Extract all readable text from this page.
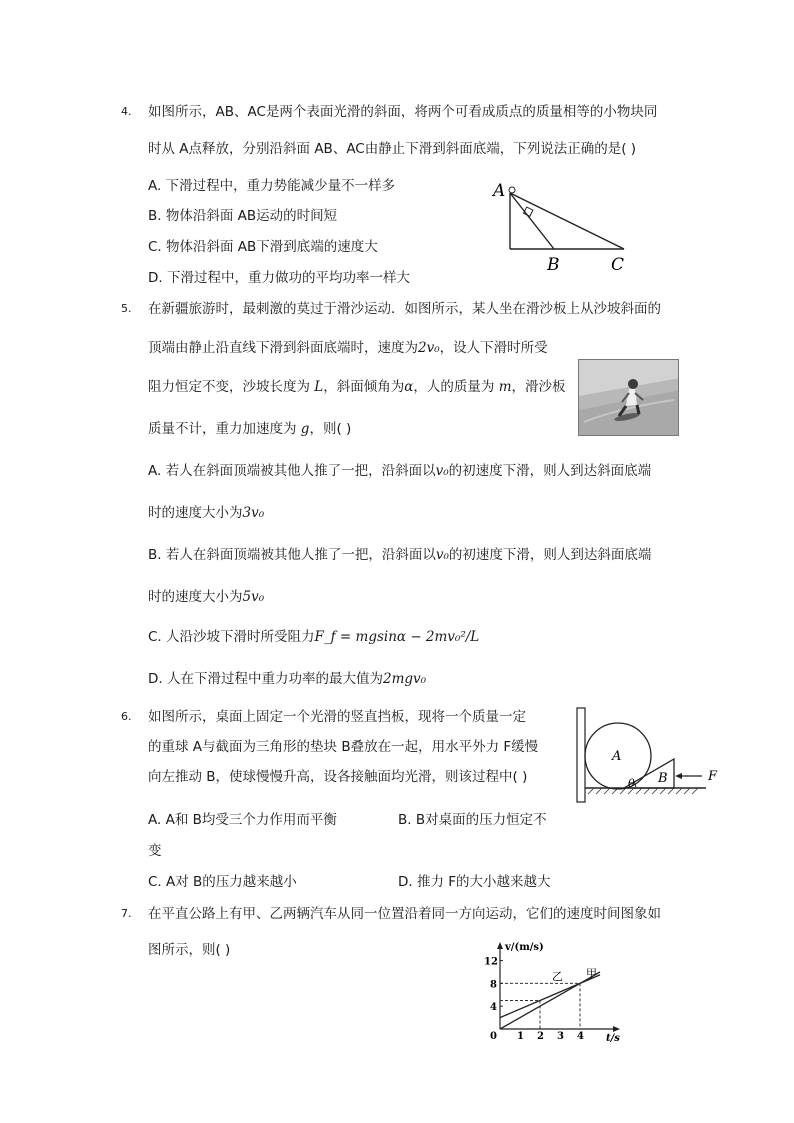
4. 如图所示，AB、AC是两个表面光滑的斜面，将两个可看成质点的质量相等的小物块同
时从 A点释放，分别沿斜面 AB、AC由静止下滑到斜面底端，下列说法正确的是( )
A. 下滑过程中，重力势能减少量不一样多
B. 物体沿斜面 AB运动的时间短
C. 物体沿斜面 AB下滑到底端的速度大
D. 下滑过程中，重力做功的平均功率一样大
A
B	C
5. 在新疆旅游时，最刺激的莫过于滑沙运动．如图所示，某人坐在滑沙板上从沙坡斜面的
顶端由静止沿直线下滑到斜面底端时，速度为2v₀，设人下滑时所受
阻力恒定不变，沙坡长度为 L，斜面倾角为α，人的质量为 m，滑沙板
质量不计，重力加速度为 g，则( )
A. 若人在斜面顶端被其他人推了一把，沿斜面以v₀的初速度下滑，则人到达斜面底端
时的速度大小为3v₀
B. 若人在斜面顶端被其他人推了一把，沿斜面以v₀的初速度下滑，则人到达斜面底端
时的速度大小为5v₀
C. 人沿沙坡下滑时所受阻力F_f = mgsinα − 2mv₀²/L
D. 人在下滑过程中重力功率的最大值为2mgv₀
6. 如图所示，桌面上固定一个光滑的竖直挡板，现将一个质量一定
的重球 A与截面为三角形的垫块 B叠放在一起，用水平外力 F缓慢
向左推动 B，使球慢慢升高，设各接触面均光滑，则该过程中( )
A. A和 B均受三个力作用而平衡	B. B对桌面的压力恒定不
变
C. A对 B的压力越来越小	D. 推力 F的大小越来越大
A
B	F
θ
7. 在平直公路上有甲、乙两辆汽车从同一位置沿着同一方向运动，它们的速度时间图象如
图所示，则( )
1 2 3 4
12
8
4
v/(m/s)
t/s
0
乙 甲
